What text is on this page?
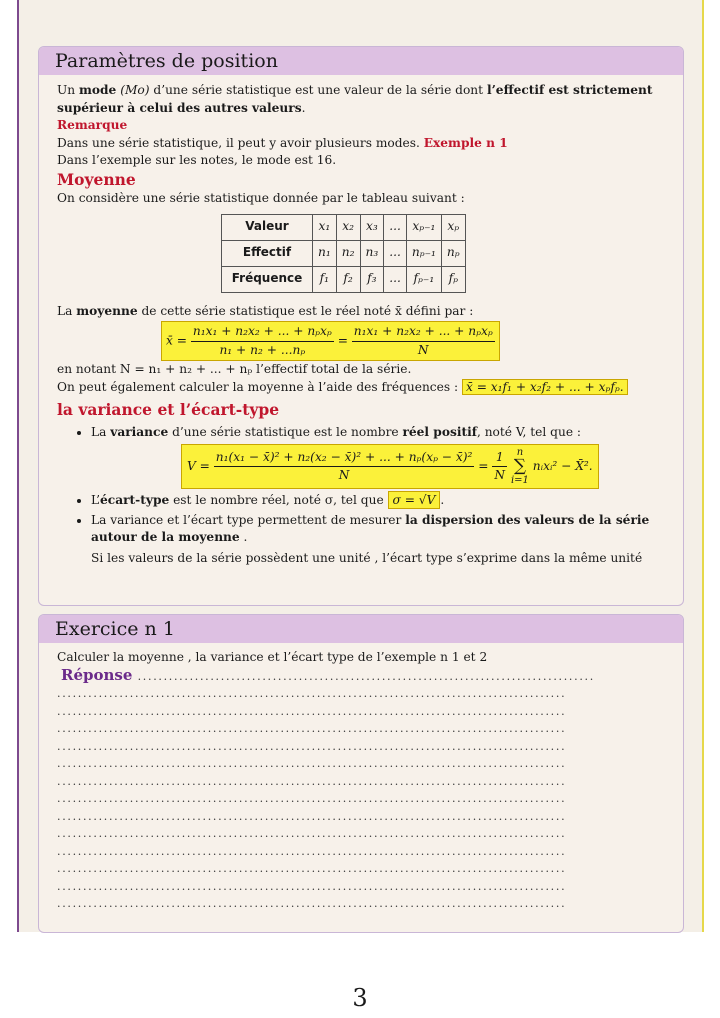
Paramètres de position
Un mode (Mo) d’une série statistique est une valeur de la série dont l’effectif est strictement supérieur à celui des autres valeurs.
Remarque
Dans une série statistique, il peut y avoir plusieurs modes. Exemple n 1
Dans l’exemple sur les notes, le mode est 16.
Moyenne
On considère une série statistique donnée par le tableau suivant :
Valeur	x₁	x₂	x₃	...	xₚ₋₁	xₚ
Effectif	n₁	n₂	n₃	...	nₚ₋₁	nₚ
Fréquence	f₁	f₂	f₃	...	fₚ₋₁	fₚ
La moyenne de cette série statistique est le réel noté x̄ défini par :
x̄ = $\frac{\text{n₁x₁ + n₂x₂ + ... + nₚxₚ}}{\text{n₁ + n₂ + ...nₚ}} = \frac{\text{n₁x₁ + n₂x₂ + ... + nₚxₚ}}{N}$
en notant N = n₁ + n₂ + ... + nₚ l’effectif total de la série.
On peut également calculer la moyenne à l’aide des fréquences : x̄ = x₁f₁ + x₂f₂ + ... + xₚfₚ.
la variance et l’écart-type
• La variance d’une série statistique est le nombre réel positif, noté V, tel que :
$V = \frac{\text{n₁(x₁ − x̄)² + n₂(x₂ − x̄)² + ... + nₚ(xₚ − x̄)²}}{N} = \frac{1}{N}$
n
∑
i=1
nᵢxᵢ² − X̄².
• L’écart-type est le nombre réel, noté σ, tel que σ = √V .
• La variance et l’écart type permettent de mesurer la dispersion des valeurs de la série autour de la moyenne .
Si les valeurs de la série possèdent une unité , l’écart type s’exprime dans la même unité
Exercice n 1
Calculer la moyenne , la variance et l’écart type de l’exemple n 1 et 2
Réponse ........................................................................................
..................................................................................................
..................................................................................................
..................................................................................................
..................................................................................................
..................................................................................................
..................................................................................................
..................................................................................................
..................................................................................................
..................................................................................................
..................................................................................................
..................................................................................................
..................................................................................................
..................................................................................................
3
